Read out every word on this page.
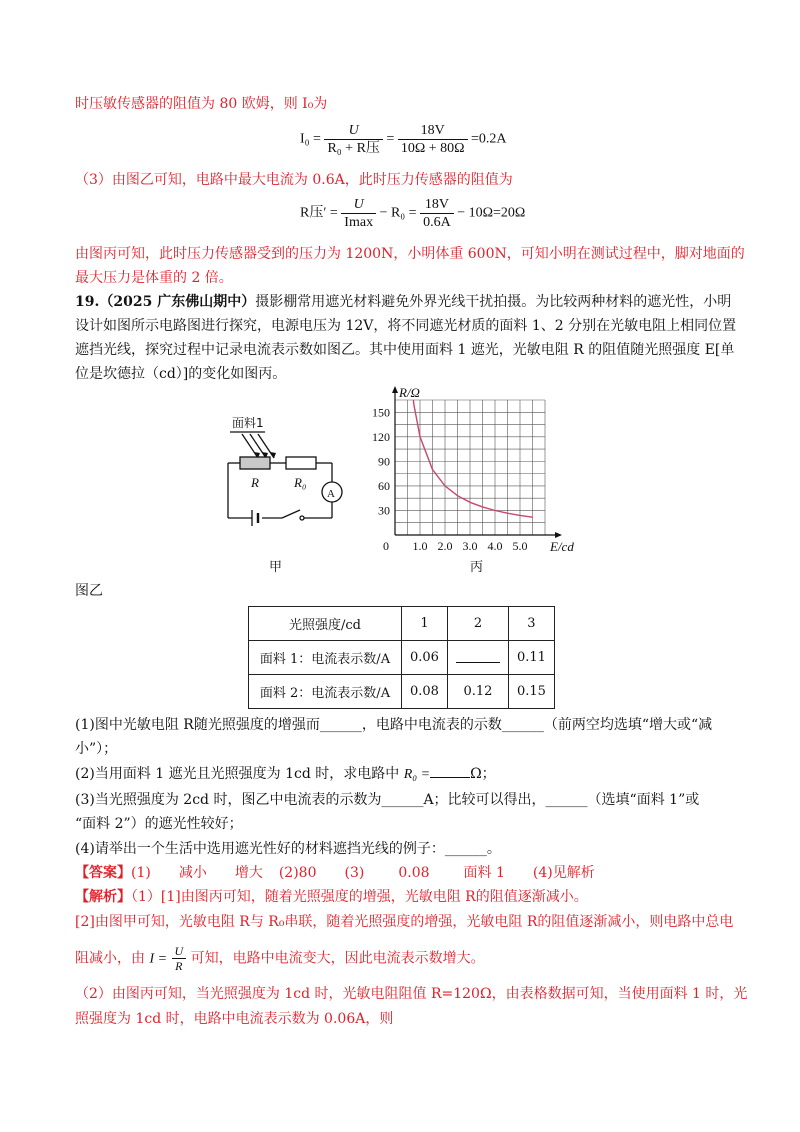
时压敏传感器的阻值为 80 欧姆，则 I₀为
$I_0 = \frac{U}{\text{R₀ + R压}} = \frac{18V}{10\Omega + 80\Omega} =0.2A$
（3）由图乙可知，电路中最大电流为 0.6A，此时压力传感器的阻值为
R压′ = $\frac{U}{Imax} - R_0 = \frac{18V}{0.6A} - 10\Omega=20\Omega$
由图丙可知，此时压力传感器受到的压力为 1200N，小明体重 600N，可知小明在测试过程中，脚对地面的
最大压力是体重的 2 倍。
19.（2025 广东佛山期中）摄影棚常用遮光材料避免外界光线干扰拍摄。为比较两种材料的遮光性，小明
设计如图所示电路图进行探究，电源电压为 12V，将不同遮光材质的面料 1、2 分别在光敏电阻上相同位置
遮挡光线，探究过程中记录电流表示数如图乙。其中使用面料 1 遮光，光敏电阻 R 的阻值随光照强度 E[单
位是坎德拉（cd）]的变化如图丙。
面料1
R	R₀
A
甲
0 1.0 2.0 3.0 4.0 5.0
30
60
90
120
150
R/Ω
E/cd
丙
图乙
光照强度/cd	1	2	3
面料 1：电流表示数/A	0.06		0.11
面料 2：电流表示数/A	0.08	0.12	0.15
(1)图中光敏电阻 R随光照强度的增强而______，电路中电流表的示数______（前两空均选填“增大或“减
小”）；
(2)当用面料 1 遮光且光照强度为 1cd 时，求电路中 R₀ =	Ω；
(3)当光照强度为 2cd 时，图乙中电流表的示数为______A；比较可以得出，______（选填“面料 1”或
“面料 2”）的遮光性较好；
(4)请举出一个生活中选用遮光性好的材料遮挡光线的例子：______。
【答案】(1) 减小 增大 (2)80 (3) 0.08 面料 1 (4)见解析
【解析】（1）[1]由图丙可知，随着光照强度的增强，光敏电阻 R的阻值逐渐减小。
[2]由图甲可知，光敏电阻 R与 R₀串联，随着光照强度的增强，光敏电阻 R的阻值逐渐减小，则电路中总电
阻减小，由 $I = \frac{U}{R}$ 可知，电路中电流变大，因此电流表示数增大。
（2）由图丙可知，当光照强度为 1cd 时，光敏电阻阻值 R=120Ω，由表格数据可知，当使用面料 1 时，光
照强度为 1cd 时，电路中电流表示数为 0.06A，则
